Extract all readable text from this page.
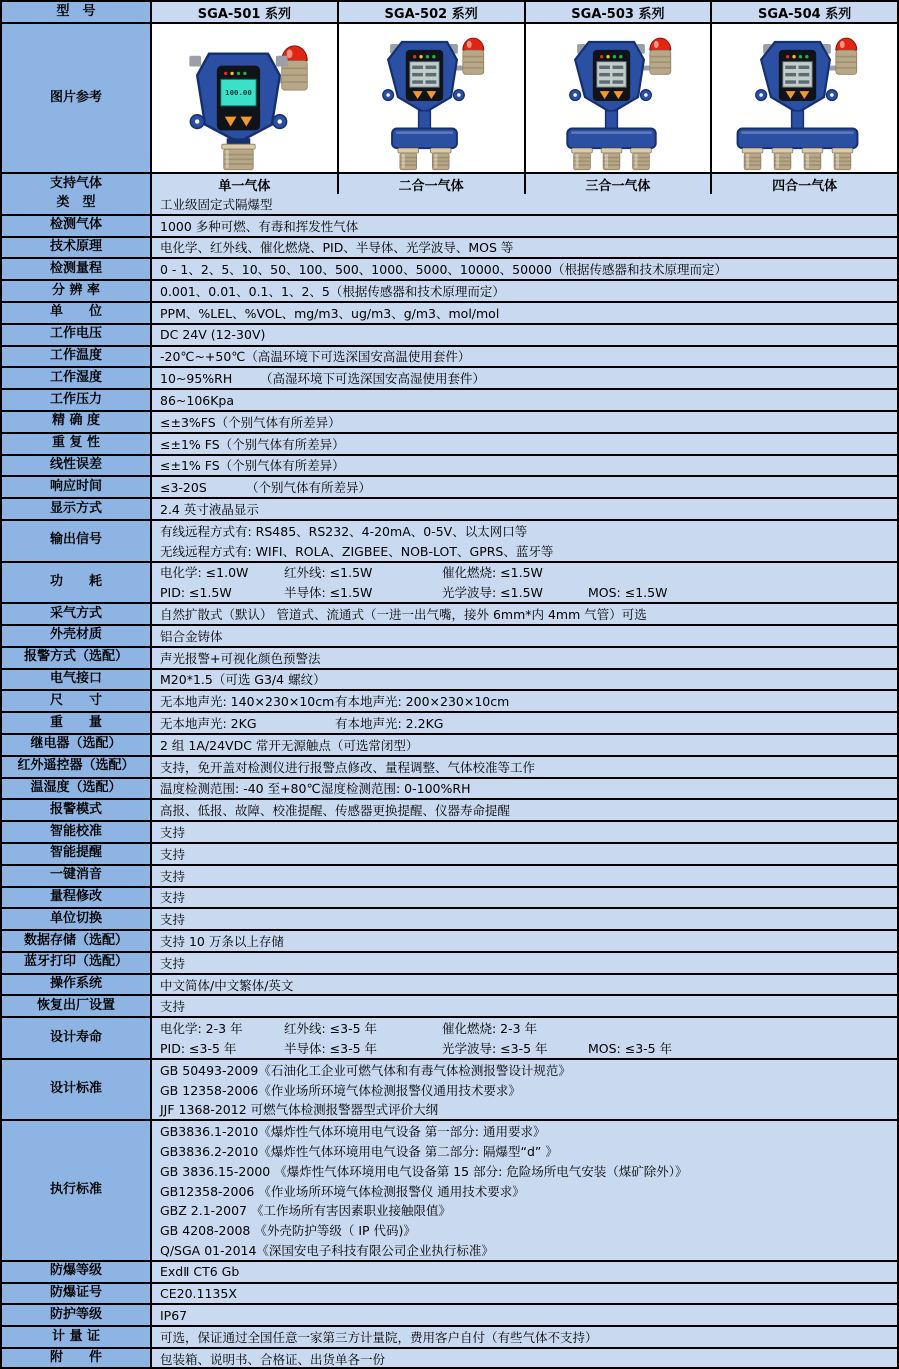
型　号	SGA-501 系列	SGA-502 系列	SGA-503 系列	SGA-504 系列
图片参考	100.00
支持气体	单一气体	二合一气体	三合一气体	四合一气体
类　型	工业级固定式隔爆型
检测气体	1000 多种可燃、有毒和挥发性气体
技术原理	电化学、红外线、催化燃烧、PID、半导体、光学波导、MOS 等
检测量程	0 - 1、2、5、10、50、100、500、1000、5000、10000、50000（根据传感器和技术原理而定）
分 辨 率	0.001、0.01、0.1、1、2、5（根据传感器和技术原理而定）
单　　位	PPM、%LEL、%VOL、mg/m3、ug/m3、g/m3、mol/mol
工作电压	DC 24V (12-30V)
工作温度	-20℃~+50℃（高温环境下可选深国安高温使用套件）
工作湿度	10~95%RH	（高湿环境下可选深国安高湿使用套件）
工作压力	86~106Kpa
精 确 度	≤±3%FS（个别气体有所差异）
重 复 性	≤±1% FS（个别气体有所差异）
线性误差	≤±1% FS（个别气体有所差异）
响应时间	≤3-20S	（个别气体有所差异）
显示方式	2.4 英寸液晶显示
输出信号
有线远程方式有: RS485、RS232、4-20mA、0-5V、以太网口等
无线远程方式有: WIFI、ROLA、ZIGBEE、NOB-LOT、GPRS、蓝牙等
功　　耗
电化学: ≤1.0W	红外线: ≤1.5W	催化燃烧: ≤1.5W
PID: ≤1.5W	半导体: ≤1.5W	光学波导: ≤1.5W	MOS: ≤1.5W
采气方式	自然扩散式（默认） 管道式、流通式（一进一出气嘴，接外 6mm*内 4mm 气管）可选
外壳材质	铝合金铸体
报警方式（选配）	声光报警+可视化颜色预警法
电气接口	M20*1.5（可选 G3/4 螺纹）
尺　　寸	无本地声光: 140×230×10cm 有本地声光: 200×230×10cm
重　　量	无本地声光: 2KG	有本地声光: 2.2KG
继电器（选配）	2 组 1A/24VDC 常开无源触点（可选常闭型）
红外遥控器（选配）	支持，免开盖对检测仪进行报警点修改、量程调整、气体校准等工作
温湿度（选配）	温度检测范围: -40 至+80℃ 湿度检测范围: 0-100%RH
报警模式	高报、低报、故障、校准提醒、传感器更换提醒、仪器寿命提醒
智能校准	支持
智能提醒	支持
一键消音	支持
量程修改	支持
单位切换	支持
数据存储（选配）	支持 10 万条以上存储
蓝牙打印（选配）	支持
操作系统	中文简体/中文繁体/英文
恢复出厂设置	支持
设计寿命
电化学: 2-3 年	红外线: ≤3-5 年	催化燃烧: 2-3 年
PID: ≤3-5 年	半导体: ≤3-5 年	光学波导: ≤3-5 年	MOS: ≤3-5 年
设计标准
GB 50493-2009《石油化工企业可燃气体和有毒气体检测报警设计规范》
GB 12358-2006《作业场所环境气体检测报警仪通用技术要求》
JJF 1368-2012 可燃气体检测报警器型式评价大纲
执行标准
GB3836.1-2010《爆炸性气体环境用电气设备 第一部分: 通用要求》
GB3836.2-2010《爆炸性气体环境用电气设备 第二部分: 隔爆型“d” 》
GB 3836.15-2000 《爆炸性气体环境用电气设备第 15 部分: 危险场所电气安装（煤矿除外）》
GB12358-2006 《作业场所环境气体检测报警仪 通用技术要求》
GBZ 2.1-2007 《工作场所有害因素职业接触限值》
GB 4208-2008 《外壳防护等级（ IP 代码)》
Q/SGA 01-2014《深国安电子科技有限公司企业执行标准》
防爆等级	ExdⅡ CT6 Gb
防爆证号	CE20.1135X
防护等级	IP67
计 量 证	可选，保证通过全国任意一家第三方计量院，费用客户自付（有些气体不支持）
附　　件	包装箱、说明书、合格证、出货单各一份
